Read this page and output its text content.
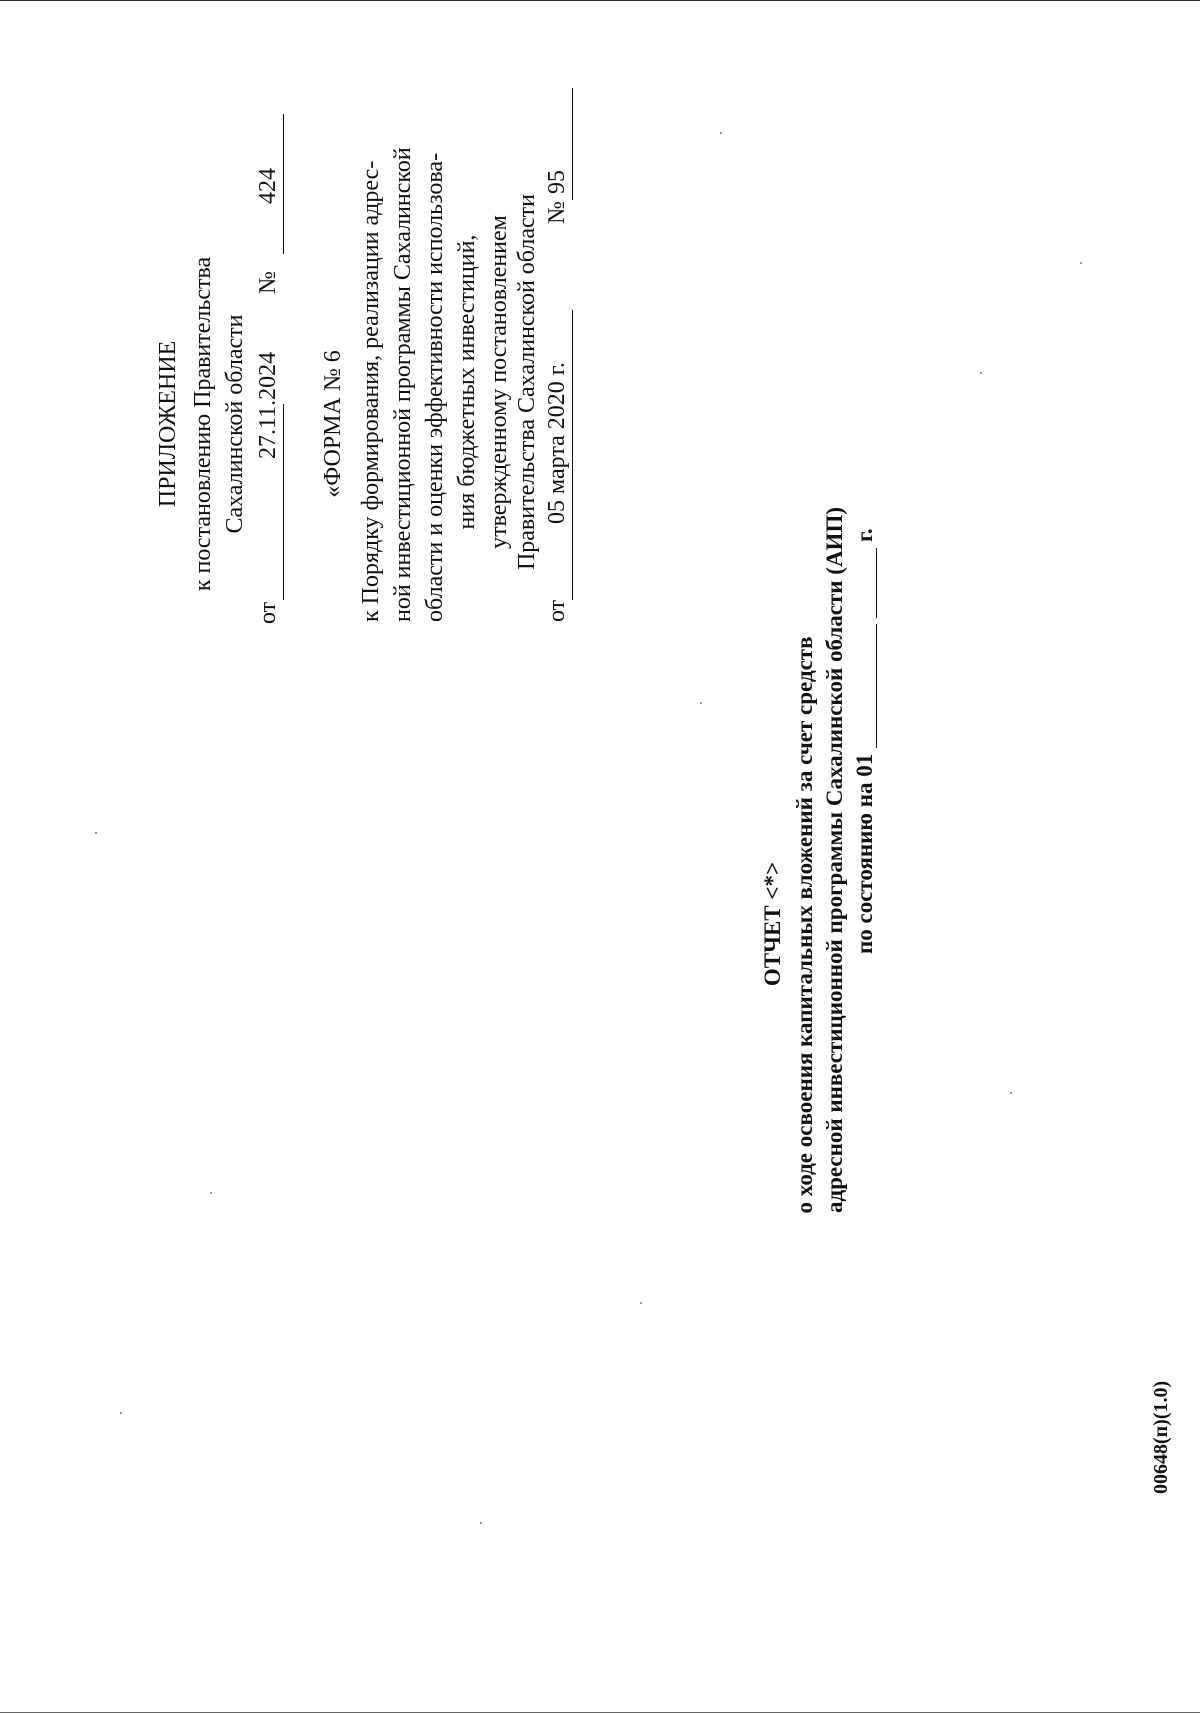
ПРИЛОЖЕНИЕ к постановлению Правительства Сахалинской области
от
27.11.2024
№
424
«ФОРМА № 6 к Порядку формирования, реализации адрес- ной инвестиционной программы Сахалинской области и оценки эффективности использова- ния бюджетных инвестиций, утвержденному постановлением Правительства Сахалинской области
от
05 марта 2020 г.
№
95
ОТЧЕТ <*> о ходе освоения капитальных вложений за счет средств адресной инвестиционной программы Сахалинской области (АИП) по состоянию на 01
г.
00648(п)(1.0)
